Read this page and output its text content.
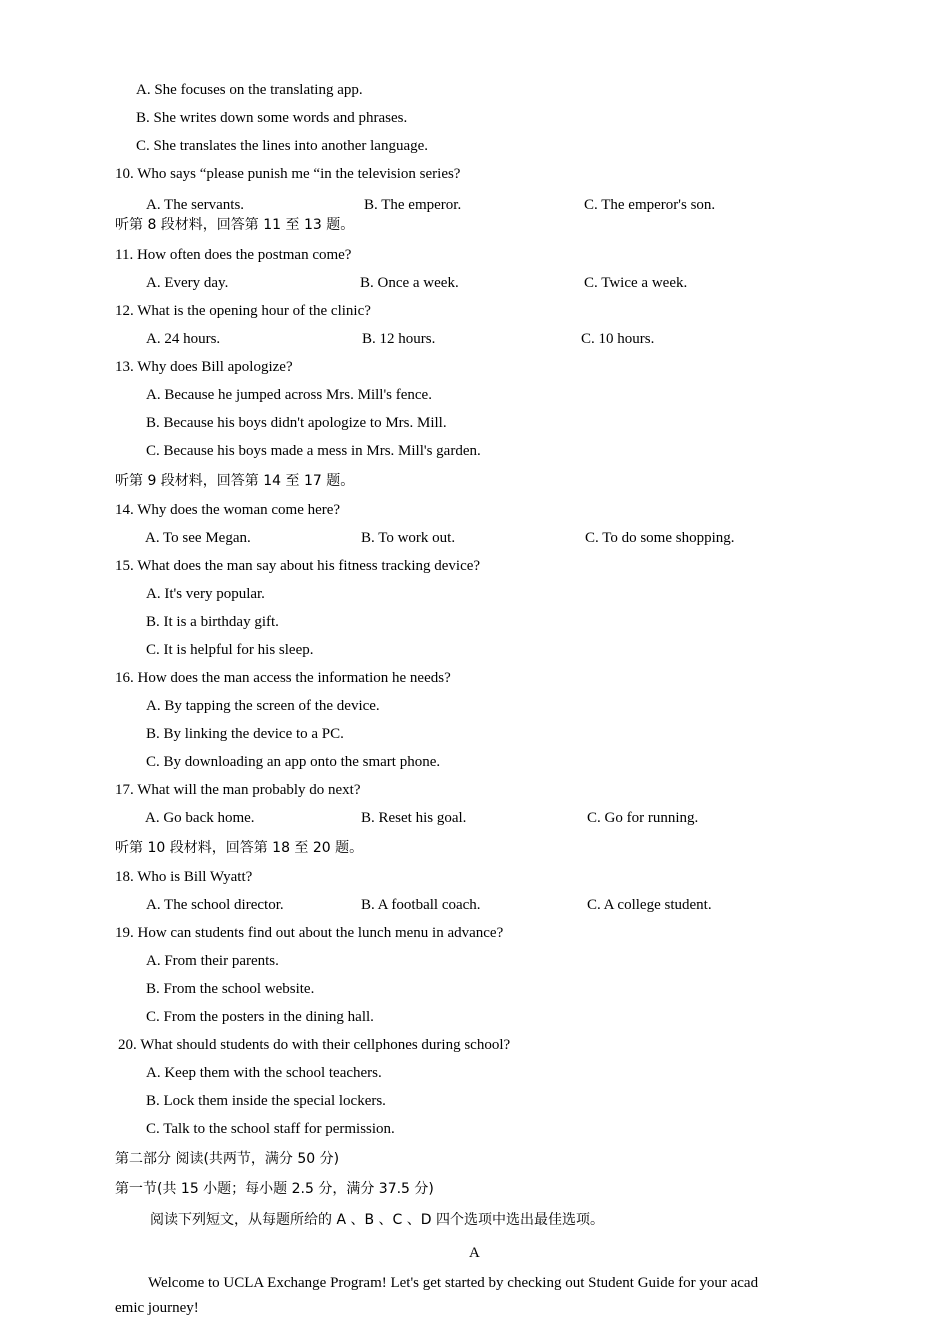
A. She focuses on the translating app.
B. She writes down some words and phrases.
C. She translates the lines into another language.
10. Who says “please punish me “in the television series?
A. The servants.	B. The emperor.	C. The emperor's son.
听第 8 段材料，回答第 11 至 13 题。
11. How often does the postman come?
A. Every day.	B. Once a week.	C. Twice a week.
12. What is the opening hour of the clinic?
A. 24 hours.	B. 12 hours.	C. 10 hours.
13. Why does Bill apologize?
A. Because he jumped across Mrs. Mill's fence.
B. Because his boys didn't apologize to Mrs. Mill.
C. Because his boys made a mess in Mrs. Mill's garden.
听第 9 段材料，回答第 14 至 17 题。
14. Why does the woman come here?
A. To see Megan.	B. To work out.	C. To do some shopping.
15. What does the man say about his fitness tracking device?
A. It's very popular.
B. It is a birthday gift.
C. It is helpful for his sleep.
16. How does the man access the information he needs?
A. By tapping the screen of the device.
B. By linking the device to a PC.
C. By downloading an app onto the smart phone.
17. What will the man probably do next?
A. Go back home.	B. Reset his goal.	C. Go for running.
听第 10 段材料，回答第 18 至 20 题。
18. Who is Bill Wyatt?
A. The school director.	B. A football coach.	C. A college student.
19. How can students find out about the lunch menu in advance?
A. From their parents.
B. From the school website.
C. From the posters in the dining hall.
20. What should students do with their cellphones during school?
A. Keep them with the school teachers.
B. Lock them inside the special lockers.
C. Talk to the school staff for permission.
第二部分 阅读(共两节，满分 50 分)
第一节(共 15 小题；每小题 2.5 分，满分 37.5 分)
阅读下列短文，从每题所给的 A 、B 、C 、D 四个选项中选出最佳选项。
A
Welcome to UCLA Exchange Program! Let's get started by checking out Student Guide for your acad
emic journey!
